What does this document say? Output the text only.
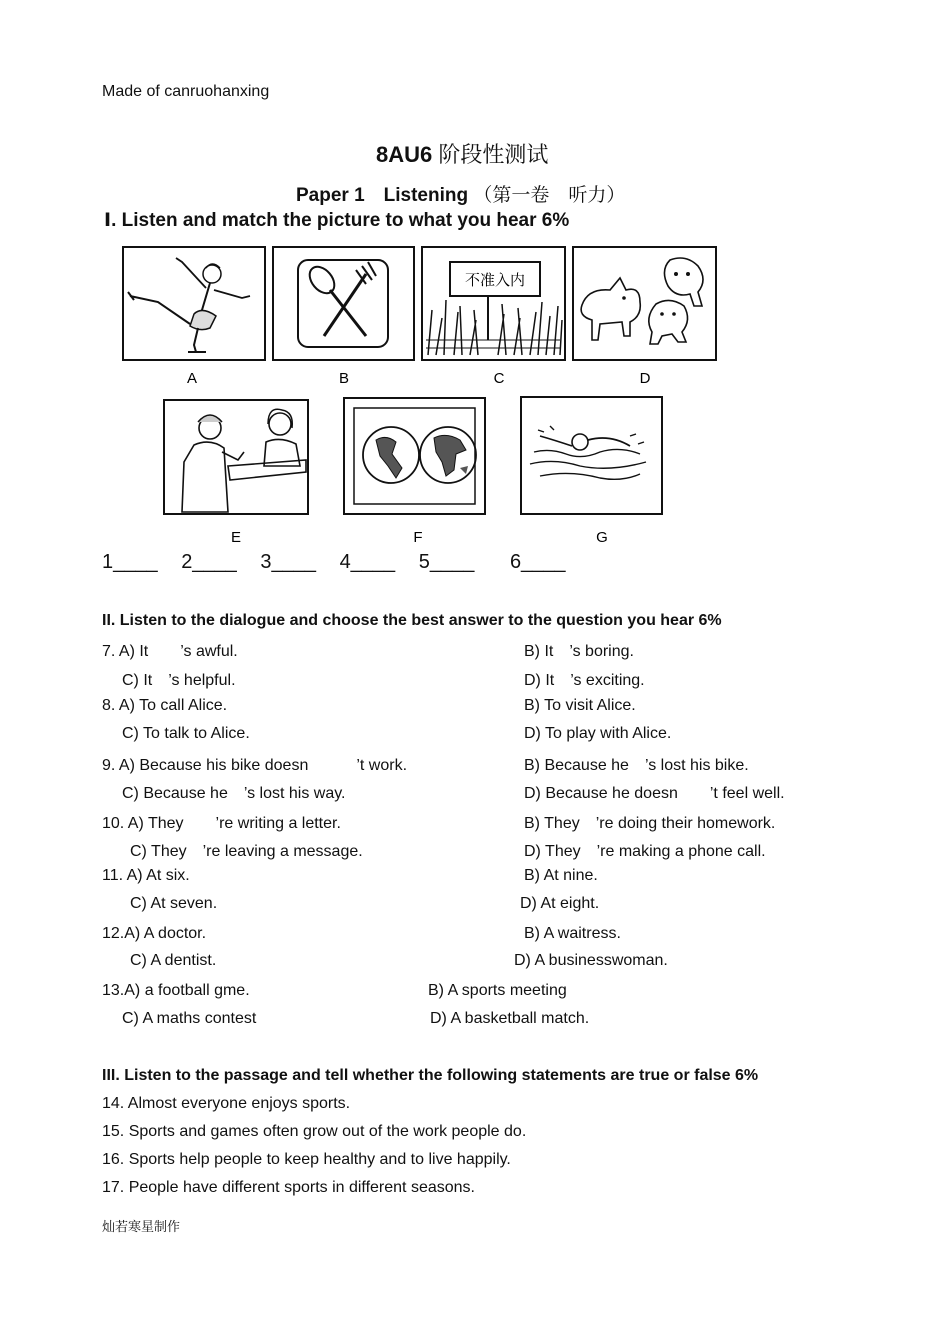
Made of canruohanxing
8AU6 阶段性测试
Paper 1　Listening （第一卷　听力）
Ⅰ. Listen and match the picture to what you hear 6%
A	B
不准入内
C	D
E	F	G
1____ 2____ 3____ 4____ 5____ 6____
II. Listen to the dialogue and choose the best answer to the question you hear 6%
7. A) It　　’s awful.	B) It　’s boring.
C) It　’s helpful.	D) It　’s exciting.
8. A) To call Alice.	B) To visit Alice.
C) To talk to Alice.	D) To play with Alice.
9. A) Because his bike doesn　　　’t work.	B) Because he　’s lost his bike.
C) Because he　’s lost his way.	D) Because he doesn　　’t feel well.
10. A) They　　’re writing a letter.	B) They　’re doing their homework.
C) They　’re leaving a message.	D) They　’re making a phone call.
11. A) At six.	B) At nine.
C) At seven.	D) At eight.
12.A) A doctor.	B) A waitress.
C) A dentist.	D) A businesswoman.
13.A) a football gme.	B) A sports meeting
C) A maths contest	D) A basketball match.
III. Listen to the passage and tell whether the following statements are true or false 6%
14. Almost everyone enjoys sports.
15. Sports and games often grow out of the work people do.
16. Sports help people to keep healthy and to live happily.
17. People have different sports in different seasons.
灿若寒星制作
